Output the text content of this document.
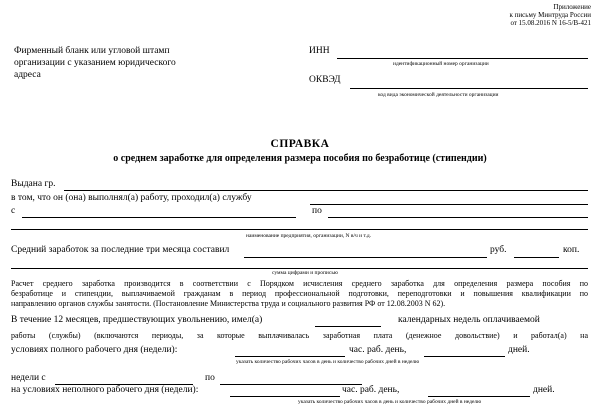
Приложение
к письму Минтруда России
от 15.08.2016 N 16-5/В-421
Фирменный бланк или угловой штамп
организации с указанием юридического
адреса
ИНН
идентификационный номер организации
ОКВЭД
код вида экономической деятельности организации
СПРАВКА
о среднем заработке для определения размера пособия по безработице (стипендии)
Выдана гр.
в том, что он (она) выполнял(а) работу, проходил(а) службу
с	по
наименование предприятия, организации, N в/ч и т.д.
Средний заработок за последние три месяца составил	руб.	коп.
сумма цифрами и прописью
Расчет среднего заработка производится в соответствии с Порядком исчисления среднего заработка для определения размера пособия по
безработице и стипендии, выплачиваемой гражданам в период профессиональной подготовки, переподготовки и повышения квалификации по
направлению органов службы занятости. (Постановление Министерства труда и социального развития РФ от 12.08.2003 N 62).
В течение 12 месяцев, предшествующих увольнению, имел(а)	календарных недель оплачиваемой
работы (службы) (включаются периоды, за которые выплачивалась заработная плата (денежное довольствие) и работал(а) на
условиях полного рабочего дня (недели):	час. раб. день,	дней.
указать количество рабочих часов в день и количество рабочих дней в неделю
недели с	по
на условиях неполного рабочего дня (недели):	час. раб. день,	дней.
указать количество рабочих часов в день и количество рабочих дней в неделю
